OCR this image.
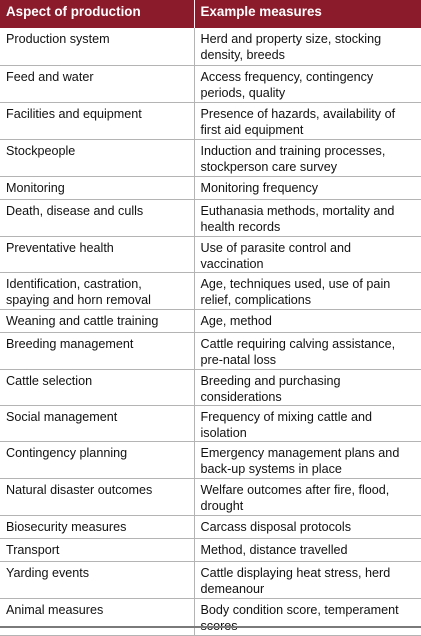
Aspect of production	Example measures
Production system	Herd and property size, stocking density, breeds
Feed and water	Access frequency, contingency periods, quality
Facilities and equipment	Presence of hazards, availability of first aid equipment
Stockpeople	Induction and training processes, stockperson care survey
Monitoring	Monitoring frequency
Death, disease and culls	Euthanasia methods, mortality and health records
Preventative health	Use of parasite control and vaccination
Identification, castration, spaying and horn removal	Age, techniques used, use of pain relief, complications
Weaning and cattle training	Age, method
Breeding management	Cattle requiring calving assistance, pre-natal loss
Cattle selection	Breeding and purchasing considerations
Social management	Frequency of mixing cattle and isolation
Contingency planning	Emergency management plans and back-up systems in place
Natural disaster outcomes	Welfare outcomes after fire, flood, drought
Biosecurity measures	Carcass disposal protocols
Transport	Method, distance travelled
Yarding events	Cattle displaying heat stress, herd demeanour
Animal measures	Body condition score, temperament
